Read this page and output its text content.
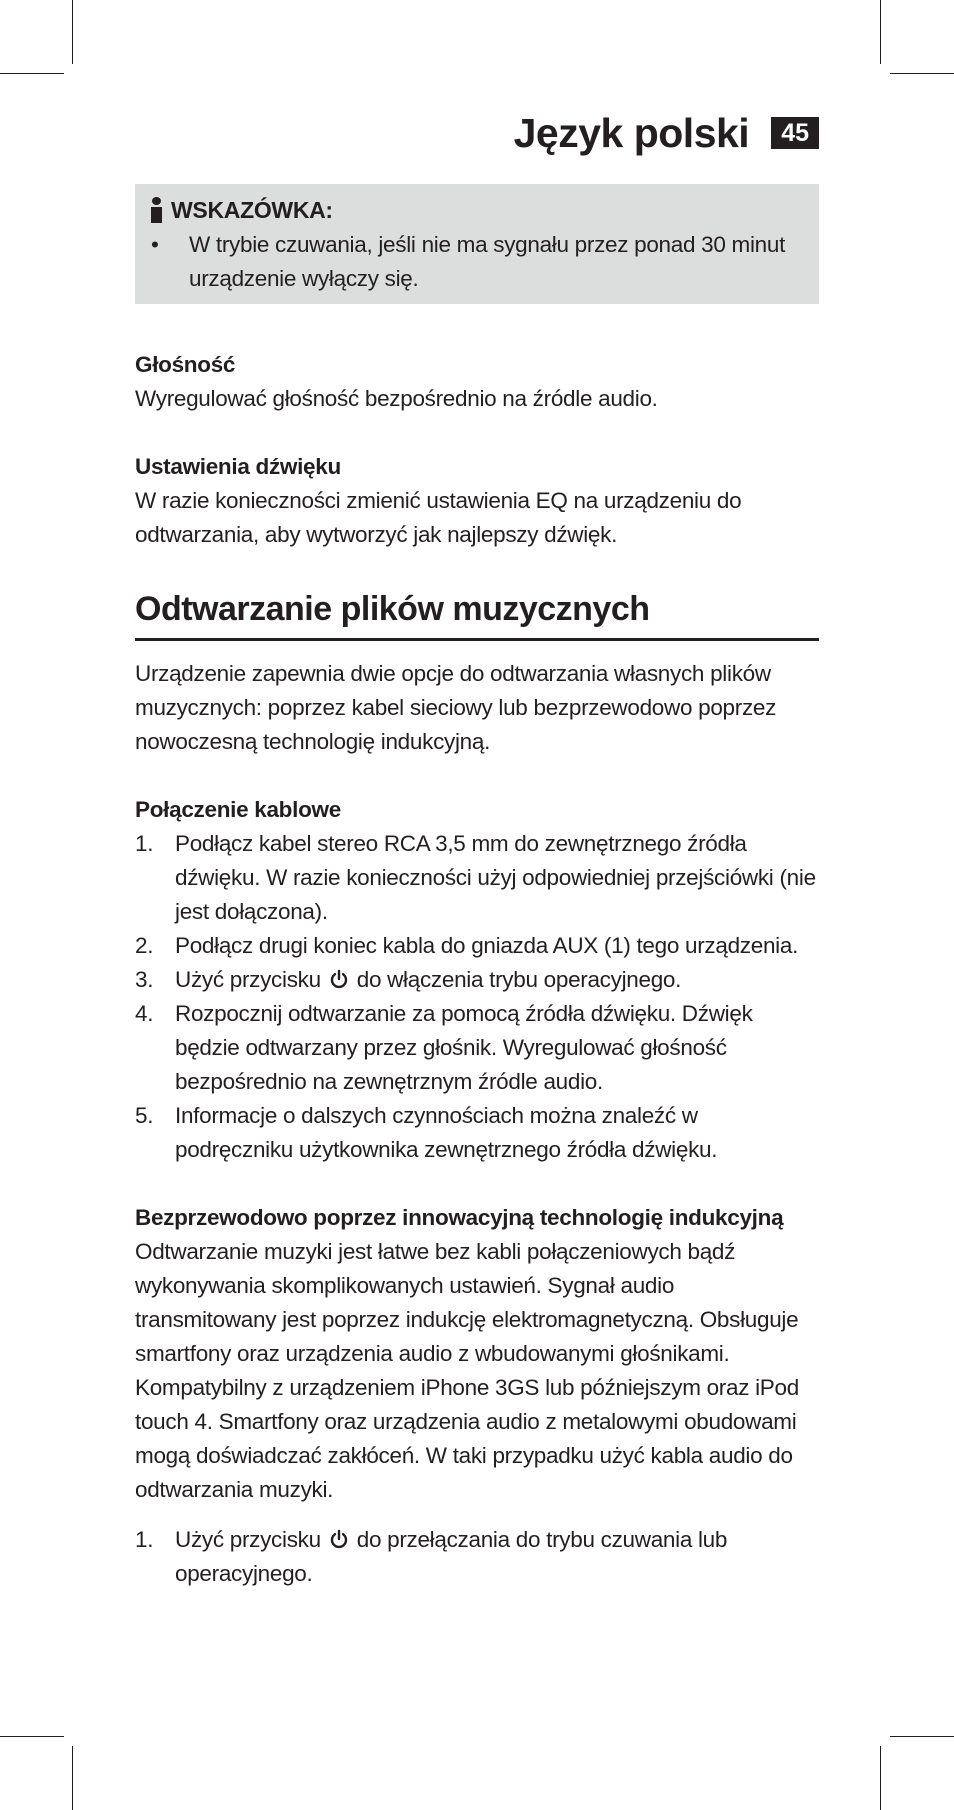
Język polski	45
WSKAZÓWKA:
•	W trybie czuwania, jeśli nie ma sygnału przez ponad 30 minut urządzenie wyłączy się.
Głośność

Wyregulować głośność bezpośrednio na źródle audio.

Ustawienia dźwięku

W razie konieczności zmienić ustawienia EQ na urządzeniu do odtwarzania, aby wytworzyć jak najlepszy dźwięk.

Odtwarzanie plików muzycznych

Urządzenie zapewnia dwie opcje do odtwarzania własnych plików muzycznych: poprzez kabel sieciowy lub bezprzewodowo poprzez nowoczesną technologię indukcyjną.

Połączenie kablowe
1. Podłącz kabel stereo RCA 3,5 mm do zewnętrznego źródła dźwięku. W razie konieczności użyj odpowiedniej przejściówki (nie jest dołączona).
2. Podłącz drugi koniec kabla do gniazda AUX (1) tego urządzenia.
3. Użyć przycisku do włączenia trybu operacyjnego.
4. Rozpocznij odtwarzanie za pomocą źródła dźwięku. Dźwięk będzie odtwarzany przez głośnik. Wyregulować głośność bezpośrednio na zewnętrznym źródle audio.
5. Informacje o dalszych czynnościach można znaleźć w podręczniku użytkownika zewnętrznego źródła dźwięku.
Bezprzewodowo poprzez innowacyjną technologię indukcyjną

Odtwarzanie muzyki jest łatwe bez kabli połączeniowych bądź wykonywania skomplikowanych ustawień. Sygnał audio transmitowany jest poprzez indukcję elektromagnetyczną. Obsługuje smartfony oraz urządzenia audio z wbudowanymi głośnikami. Kompatybilny z urządzeniem iPhone 3GS lub późniejszym oraz iPod touch 4. Smartfony oraz urządzenia audio z metalowymi obudowami mogą doświadczać zakłóceń. W taki przypadku użyć kabla audio do odtwarzania muzyki.

1. Użyć przycisku do przełączania do trybu czuwania lub operacyjnego.
